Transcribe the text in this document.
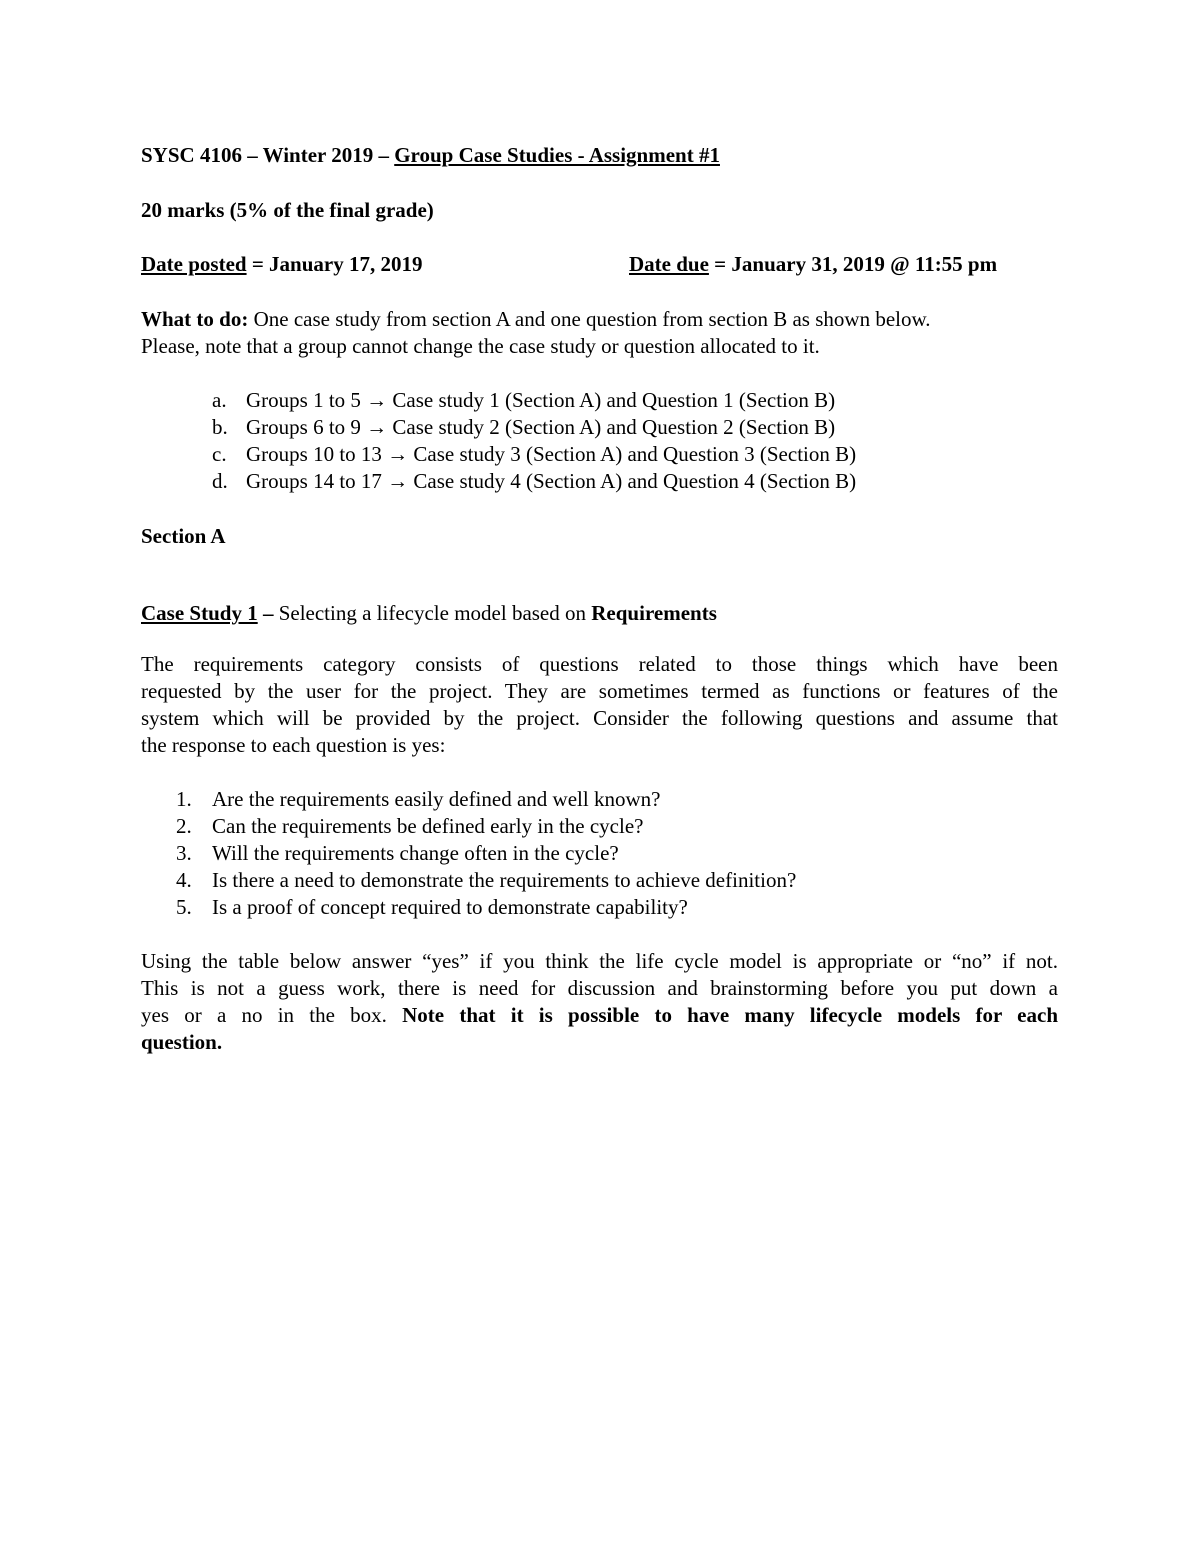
SYSC 4106 – Winter 2019 – Group Case Studies - Assignment #1
20 marks (5% of the final grade)
Date posted = January 17, 2019	Date due = January 31, 2019 @ 11:55 pm
What to do: One case study from section A and one question from section B as shown below.
Please, note that a group cannot change the case study or question allocated to it.
a. Groups 1 to 5 → Case study 1 (Section A) and Question 1 (Section B)
b. Groups 6 to 9 → Case study 2 (Section A) and Question 2 (Section B)
c. Groups 10 to 13 → Case study 3 (Section A) and Question 3 (Section B)
d. Groups 14 to 17 → Case study 4 (Section A) and Question 4 (Section B)
Section A
Case Study 1 – Selecting a lifecycle model based on Requirements
The requirements category consists of questions related to those things which have been
requested by the user for the project. They are sometimes termed as functions or features of the
system which will be provided by the project. Consider the following questions and assume that
the response to each question is yes:
1. Are the requirements easily defined and well known?
2. Can the requirements be defined early in the cycle?
3. Will the requirements change often in the cycle?
4. Is there a need to demonstrate the requirements to achieve definition?
5. Is a proof of concept required to demonstrate capability?
Using the table below answer “yes” if you think the life cycle model is appropriate or “no” if not.
This is not a guess work, there is need for discussion and brainstorming before you put down a
yes or a no in the box. Note that it is possible to have many lifecycle models for each
question.
